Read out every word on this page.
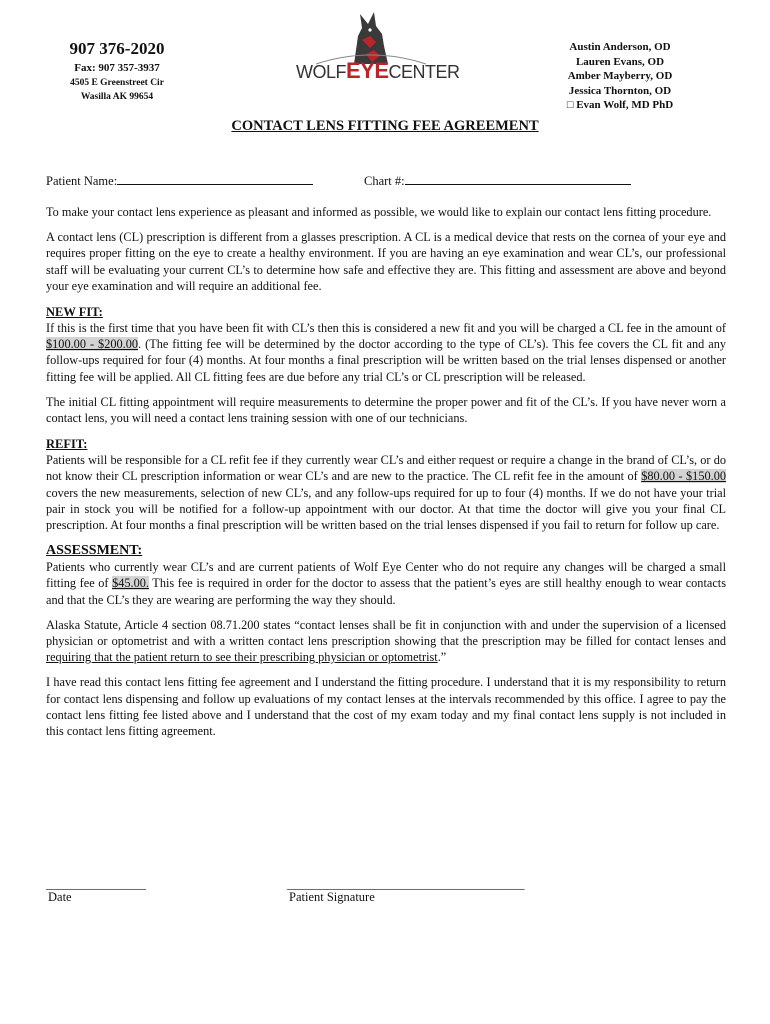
907 376-2020
Fax: 907 357-3937
4505 E Greenstreet Cir
Wasilla AK 99654
WOLFEYECENTER
Austin Anderson, OD
Lauren Evans, OD
Amber Mayberry, OD
Jessica Thornton, OD
□ Evan Wolf, MD PhD
CONTACT LENS FITTING FEE AGREEMENT
Patient Name:	Chart #:

To make your contact lens experience as pleasant and informed as possible, we would like to explain our contact lens fitting procedure.

A contact lens (CL) prescription is different from a glasses prescription. A CL is a medical device that rests on the cornea of your eye and requires proper fitting on the eye to create a healthy environment. If you are having an eye examination and wear CL’s, our professional staff will be evaluating your current CL’s to determine how safe and effective they are. This fitting and assessment are above and beyond your eye examination and will require an additional fee.

NEW FIT:

If this is the first time that you have been fit with CL’s then this is considered a new fit and you will be charged a CL fee in the amount of $100.00 - $200.00. (The fitting fee will be determined by the doctor according to the type of CL’s). This fee covers the CL fit and any follow-ups required for four (4) months. At four months a final prescription will be written based on the trial lenses dispensed or another fitting fee will be applied. All CL fitting fees are due before any trial CL’s or CL prescription will be released.

The initial CL fitting appointment will require measurements to determine the proper power and fit of the CL’s. If you have never worn a contact lens, you will need a contact lens training session with one of our technicians.

REFIT:

Patients will be responsible for a CL refit fee if they currently wear CL’s and either request or require a change in the brand of CL’s, or do not know their CL prescription information or wear CL’s and are new to the practice. The CL refit fee in the amount of $80.00 - $150.00 covers the new measurements, selection of new CL’s, and any follow-ups required for up to four (4) months. If we do not have your trial pair in stock you will be notified for a follow-up appointment with our doctor. At that time the doctor will give you your final CL prescription. At four months a final prescription will be written based on the trial lenses dispensed if you fail to return for follow up care.

ASSESSMENT:

Patients who currently wear CL’s and are current patients of Wolf Eye Center who do not require any changes will be charged a small fitting fee of $45.00. This fee is required in order for the doctor to assess that the patient’s eyes are still healthy enough to wear contacts and that the CL’s they are wearing are performing the way they should.

Alaska Statute, Article 4 section 08.71.200 states “contact lenses shall be fit in conjunction with and under the supervision of a licensed physician or optometrist and with a written contact lens prescription showing that the prescription may be filled for contact lenses and requiring that the patient return to see their prescribing physician or optometrist.”

I have read this contact lens fitting fee agreement and I understand the fitting procedure. I understand that it is my responsibility to return for contact lens dispensing and follow up evaluations of my contact lenses at the intervals recommended by this office. I agree to pay the contact lens fitting fee listed above and I understand that the cost of my exam today and my final contact lens supply is not included in this contact lens fitting agreement.

________________
Date
______________________________________
Patient Signature
